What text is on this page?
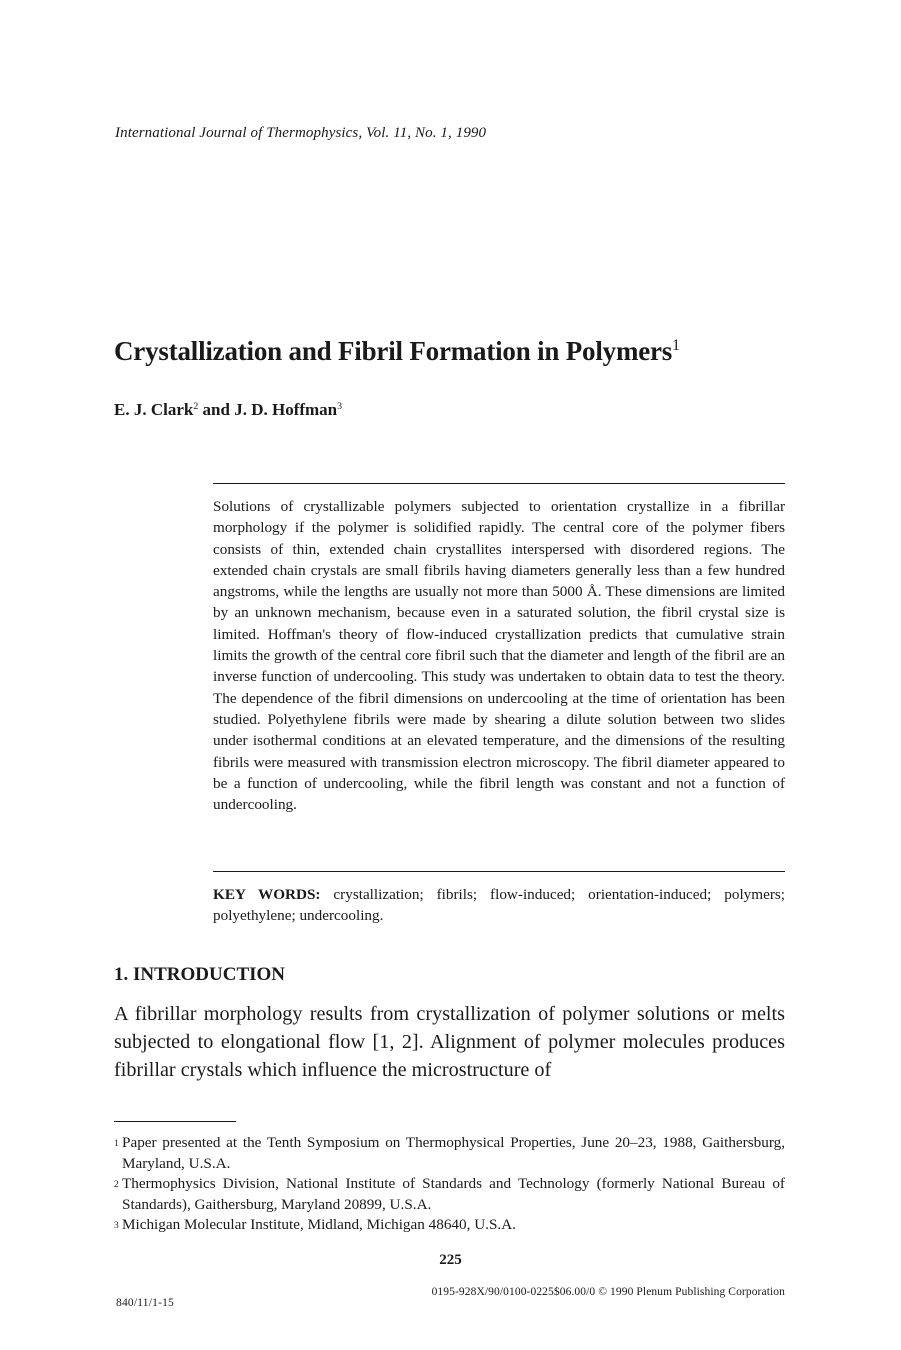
International Journal of Thermophysics, Vol. 11, No. 1, 1990
Crystallization and Fibril Formation in Polymers$^1$
E. J. Clark$^2$ and J. D. Hoffman$^3$

Solutions of crystallizable polymers subjected to orientation crystallize in a fibrillar morphology if the polymer is solidified rapidly. The central core of the polymer fibers consists of thin, extended chain crystallites interspersed with disordered regions. The extended chain crystals are small fibrils having diameters generally less than a few hundred angstroms, while the lengths are usually not more than 5000 Å. These dimensions are limited by an unknown mechanism, because even in a saturated solution, the fibril crystal size is limited. Hoffman's theory of flow-induced crystallization predicts that cumulative strain limits the growth of the central core fibril such that the diameter and length of the fibril are an inverse function of undercooling. This study was undertaken to obtain data to test the theory. The dependence of the fibril dimensions on undercooling at the time of orientation has been studied. Polyethylene fibrils were made by shearing a dilute solution between two slides under isothermal conditions at an elevated temperature, and the dimensions of the resulting fibrils were measured with transmission electron microscopy. The fibril diameter appeared to be a function of undercooling, while the fibril length was constant and not a function of undercooling.

KEY WORDS: crystallization; fibrils; flow-induced; orientation-induced; polymers; polyethylene; undercooling.

1. INTRODUCTION

A fibrillar morphology results from crystallization of polymer solutions or melts subjected to elongational flow [1, 2]. Alignment of polymer molecules produces fibrillar crystals which influence the microstructure of

1 Paper presented at the Tenth Symposium on Thermophysical Properties, June 20–23, 1988, Gaithersburg, Maryland, U.S.A.
2 Thermophysics Division, National Institute of Standards and Technology (formerly National Bureau of Standards), Gaithersburg, Maryland 20899, U.S.A.
3 Michigan Molecular Institute, Midland, Michigan 48640, U.S.A.
225
840/11/1-15
0195-928X/90/0100-0225$06.00/0 © 1990 Plenum Publishing Corporation
